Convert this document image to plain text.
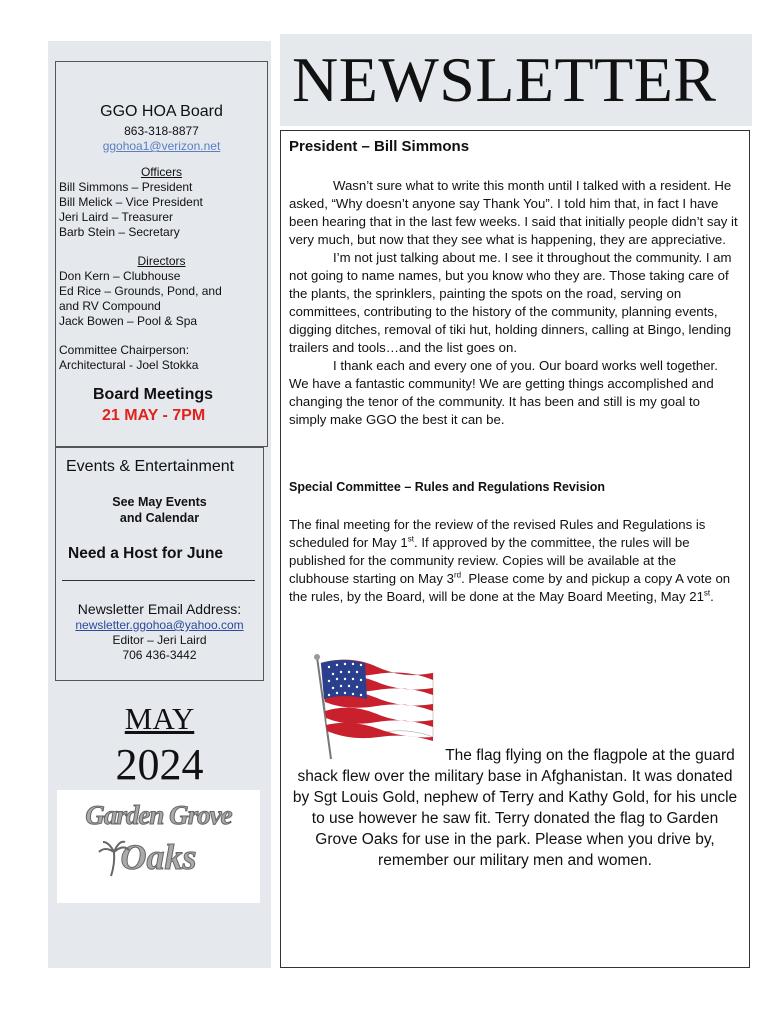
NEWSLETTER
GGO HOA Board
863-318-8877
ggohoa1@verizon.net
Officers
Bill Simmons – President
Bill Melick – Vice President
Jeri Laird – Treasurer
Barb Stein – Secretary
Directors
Don Kern – Clubhouse
Ed Rice – Grounds, Pond, and
and RV Compound
Jack Bowen – Pool & Spa
Committee Chairperson:
Architectural - Joel Stokka
Board Meetings
21 MAY - 7PM
Events & Entertainment
See May Events
and Calendar
Need a Host for June
Newsletter Email Address:
newsletter.ggohoa@yahoo.com
Editor – Jeri Laird
706 436-3442
MAY
2024
Garden Grove
Oaks
President – Bill Simmons
Wasn’t sure what to write this month until I talked with a resident. He asked, “Why doesn’t anyone say Thank You”. I told him that, in fact I have been hearing that in the last few weeks. I said that initially people didn’t say it very much, but now that they see what is happening, they are appreciative.
I’m not just talking about me. I see it throughout the community. I am not going to name names, but you know who they are. Those taking care of the plants, the sprinklers, painting the spots on the road, serving on committees, contributing to the history of the community, planning events, digging ditches, removal of tiki hut, holding dinners, calling at Bingo, lending trailers and tools…and the list goes on.
I thank each and every one of you. Our board works well together. We have a fantastic community! We are getting things accomplished and changing the tenor of the community. It has been and still is my goal to simply make GGO the best it can be.
Special Committee – Rules and Regulations Revision
The final meeting for the review of the revised Rules and Regulations is scheduled for May 1st. If approved by the committee, the rules will be published for the community review. Copies will be available at the clubhouse starting on May 3rd. Please come by and pickup a copy A vote on the rules, by the Board, will be done at the May Board Meeting, May 21st.
The flag flying on the flagpole at the guard shack flew over the military base in Afghanistan. It was donated by Sgt Louis Gold, nephew of Terry and Kathy Gold, for his uncle to use however he saw fit. Terry donated the flag to Garden Grove Oaks for use in the park. Please when you drive by, remember our military men and women.
